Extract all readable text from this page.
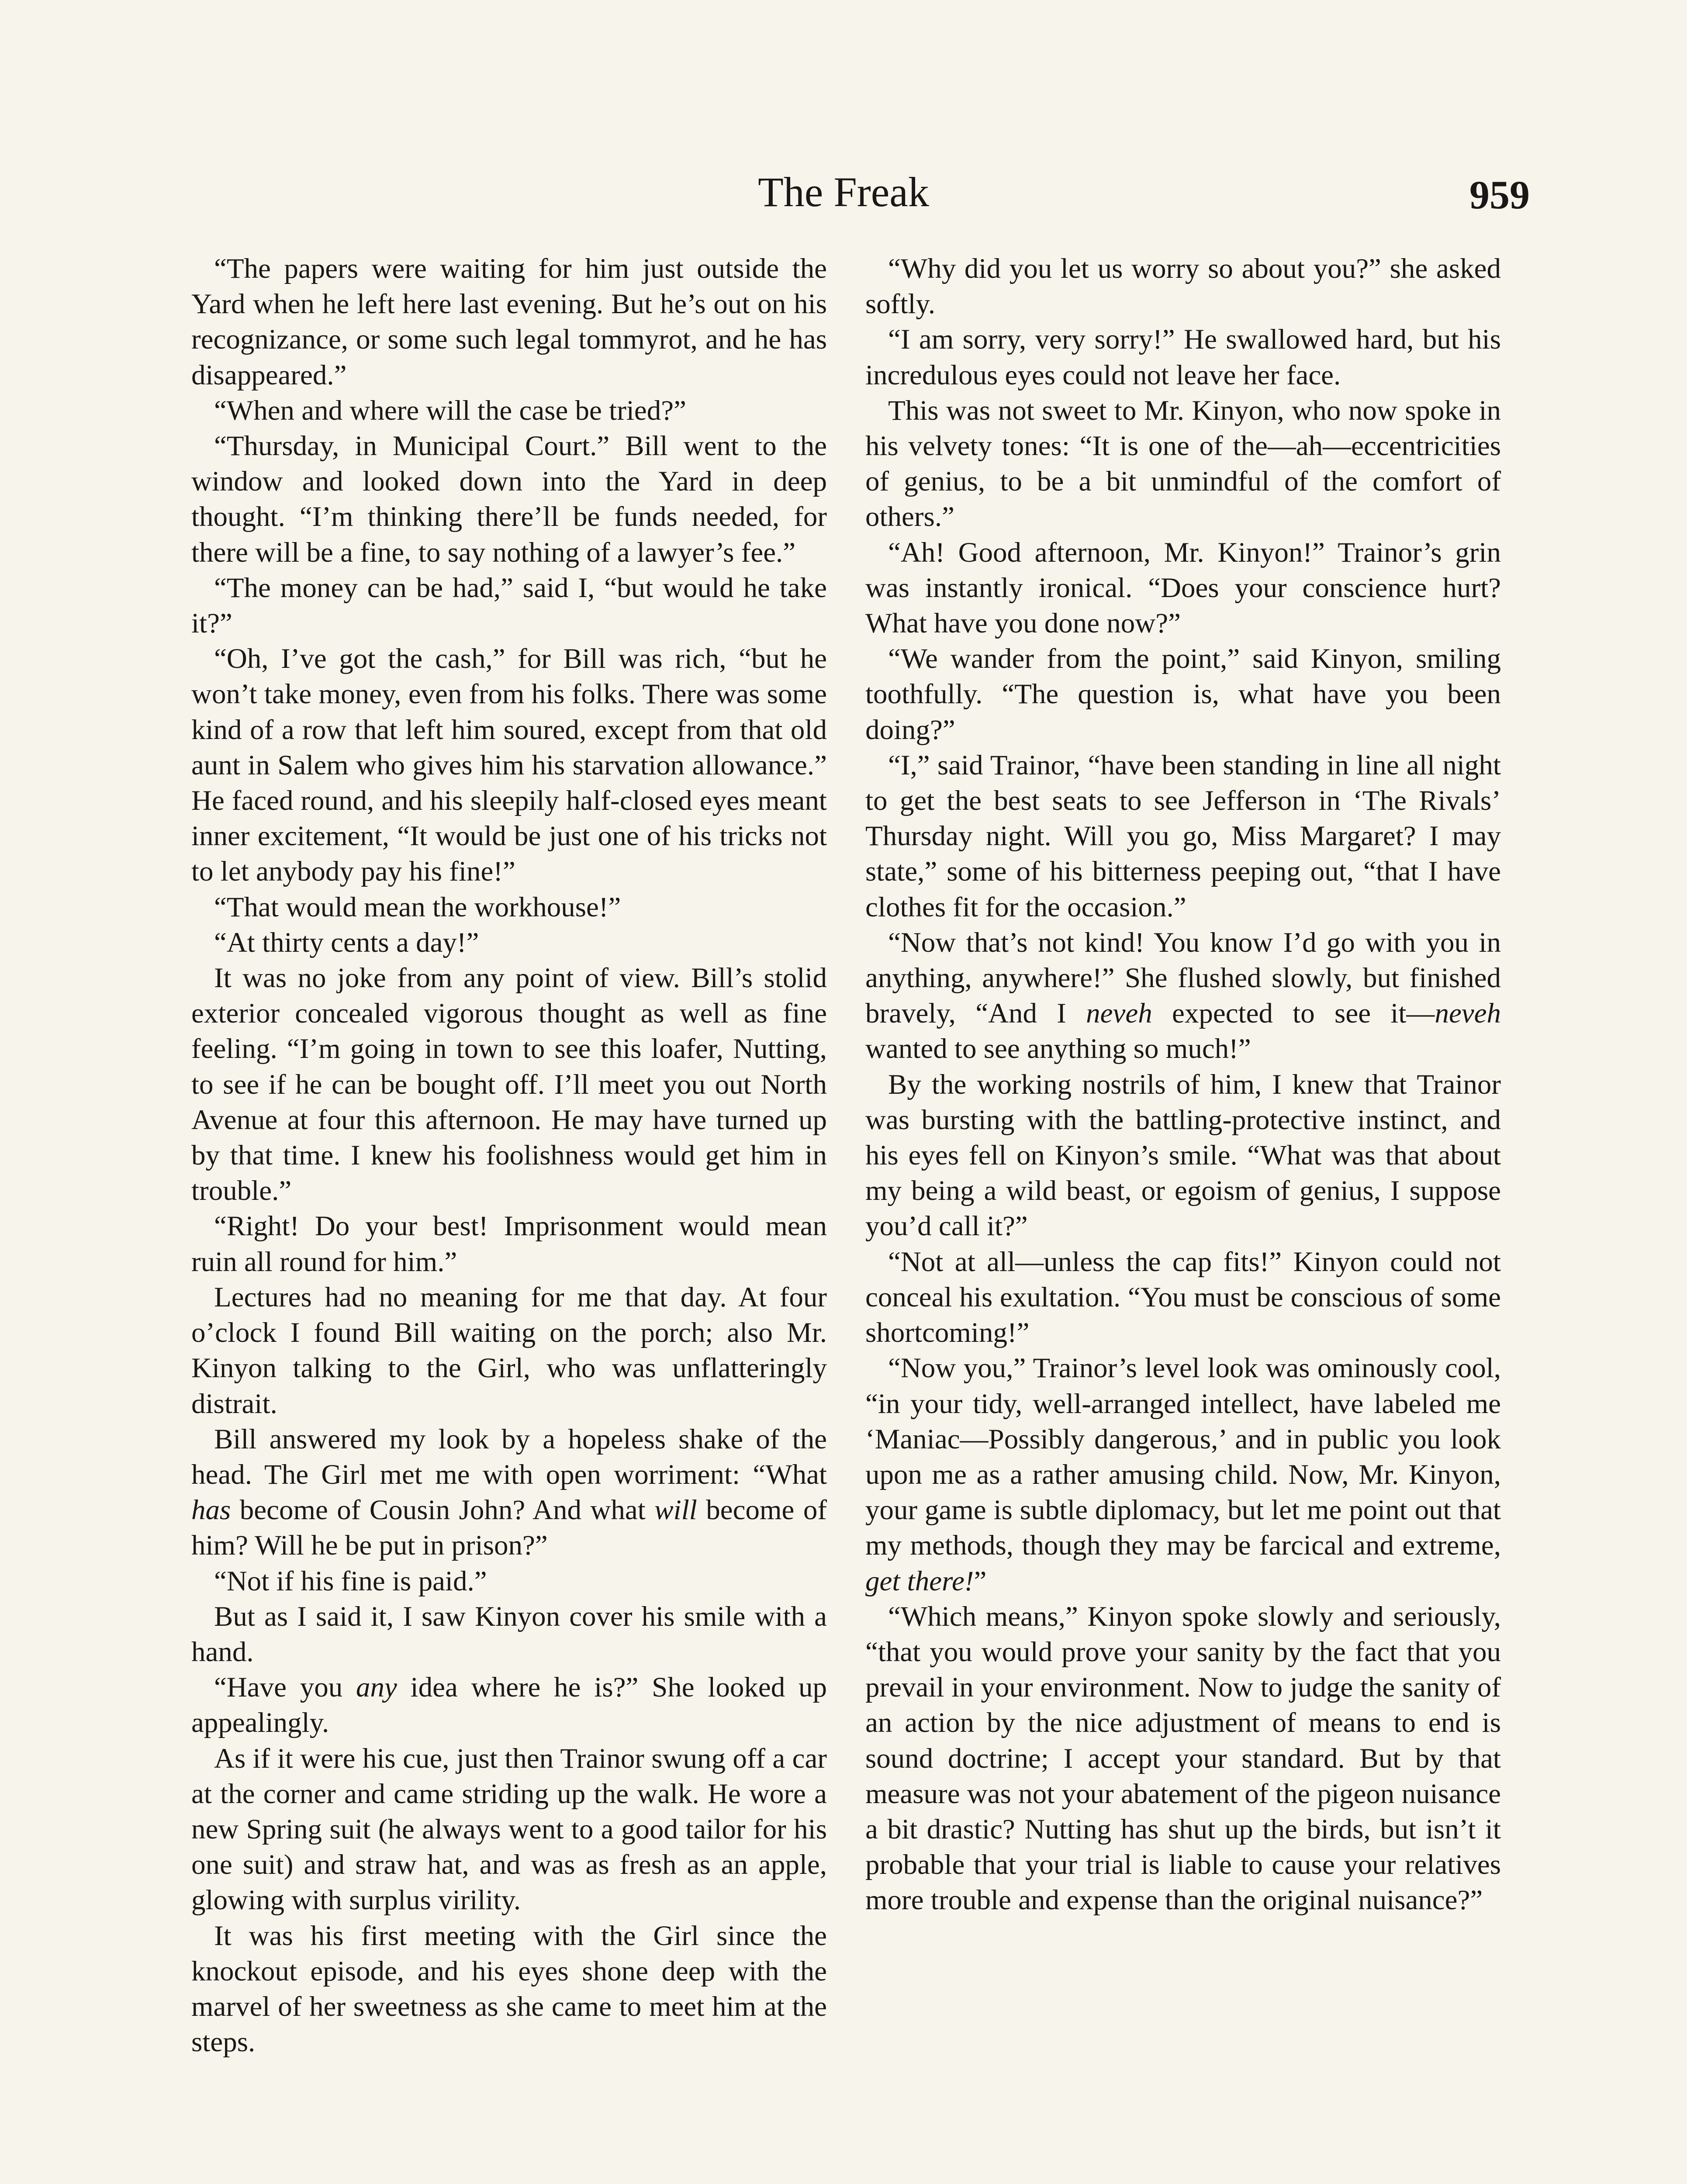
The Freak	959

“The papers were waiting for him just outside the Yard when he left here last evening. But he’s out on his recognizance, or some such legal tommyrot, and he has disappeared.”

“When and where will the case be tried?”

“Thursday, in Municipal Court.” Bill went to the window and looked down into the Yard in deep thought. “I’m thinking there’ll be funds needed, for there will be a fine, to say nothing of a lawyer’s fee.”

“The money can be had,” said I, “but would he take it?”

“Oh, I’ve got the cash,” for Bill was rich, “but he won’t take money, even from his folks. There was some kind of a row that left him soured, except from that old aunt in Salem who gives him his starvation allowance.” He faced round, and his sleepily half-closed eyes meant inner excitement, “It would be just one of his tricks not to let anybody pay his fine!”

“That would mean the workhouse!”

“At thirty cents a day!”

It was no joke from any point of view. Bill’s stolid exterior concealed vigorous thought as well as fine feeling. “I’m going in town to see this loafer, Nutting, to see if he can be bought off. I’ll meet you out North Avenue at four this afternoon. He may have turned up by that time. I knew his foolishness would get him in trouble.”

“Right! Do your best! Imprisonment would mean ruin all round for him.”

Lectures had no meaning for me that day. At four o’clock I found Bill waiting on the porch; also Mr. Kinyon talking to the Girl, who was unflatteringly distrait.

Bill answered my look by a hopeless shake of the head. The Girl met me with open worriment: “What has become of Cousin John? And what will become of him? Will he be put in prison?”

“Not if his fine is paid.”

But as I said it, I saw Kinyon cover his smile with a hand.

“Have you any idea where he is?” She looked up appealingly.

As if it were his cue, just then Trainor swung off a car at the corner and came striding up the walk. He wore a new Spring suit (he always went to a good tailor for his one suit) and straw hat, and was as fresh as an apple, glowing with surplus virility.

It was his first meeting with the Girl since the knockout episode, and his eyes shone deep with the marvel of her sweetness as she came to meet him at the steps.

“Why did you let us worry so about you?” she asked softly.

“I am sorry, very sorry!” He swallowed hard, but his incredulous eyes could not leave her face.

This was not sweet to Mr. Kinyon, who now spoke in his velvety tones: “It is one of the—ah—eccentricities of genius, to be a bit unmindful of the comfort of others.”

“Ah! Good afternoon, Mr. Kinyon!” Trainor’s grin was instantly ironical. “Does your conscience hurt? What have you done now?”

“We wander from the point,” said Kinyon, smiling toothfully. “The question is, what have you been doing?”

“I,” said Trainor, “have been standing in line all night to get the best seats to see Jefferson in ‘The Rivals’ Thursday night. Will you go, Miss Margaret? I may state,” some of his bitterness peeping out, “that I have clothes fit for the occasion.”

“Now that’s not kind! You know I’d go with you in anything, anywhere!” She flushed slowly, but finished bravely, “And I neveh expected to see it—neveh wanted to see anything so much!”

By the working nostrils of him, I knew that Trainor was bursting with the battling-protective instinct, and his eyes fell on Kinyon’s smile. “What was that about my being a wild beast, or egoism of genius, I suppose you’d call it?”

“Not at all—unless the cap fits!” Kinyon could not conceal his exultation. “You must be conscious of some shortcoming!”

“Now you,” Trainor’s level look was ominously cool, “in your tidy, well-arranged intellect, have labeled me ‘Maniac—Possibly dangerous,’ and in public you look upon me as a rather amusing child. Now, Mr. Kinyon, your game is subtle diplomacy, but let me point out that my methods, though they may be farcical and extreme, get there!”

“Which means,” Kinyon spoke slowly and seriously, “that you would prove your sanity by the fact that you prevail in your environment. Now to judge the sanity of an action by the nice adjustment of means to end is sound doctrine; I accept your standard. But by that measure was not your abatement of the pigeon nuisance a bit drastic? Nutting has shut up the birds, but isn’t it probable that your trial is liable to cause your relatives more trouble and expense than the original nuisance?”
